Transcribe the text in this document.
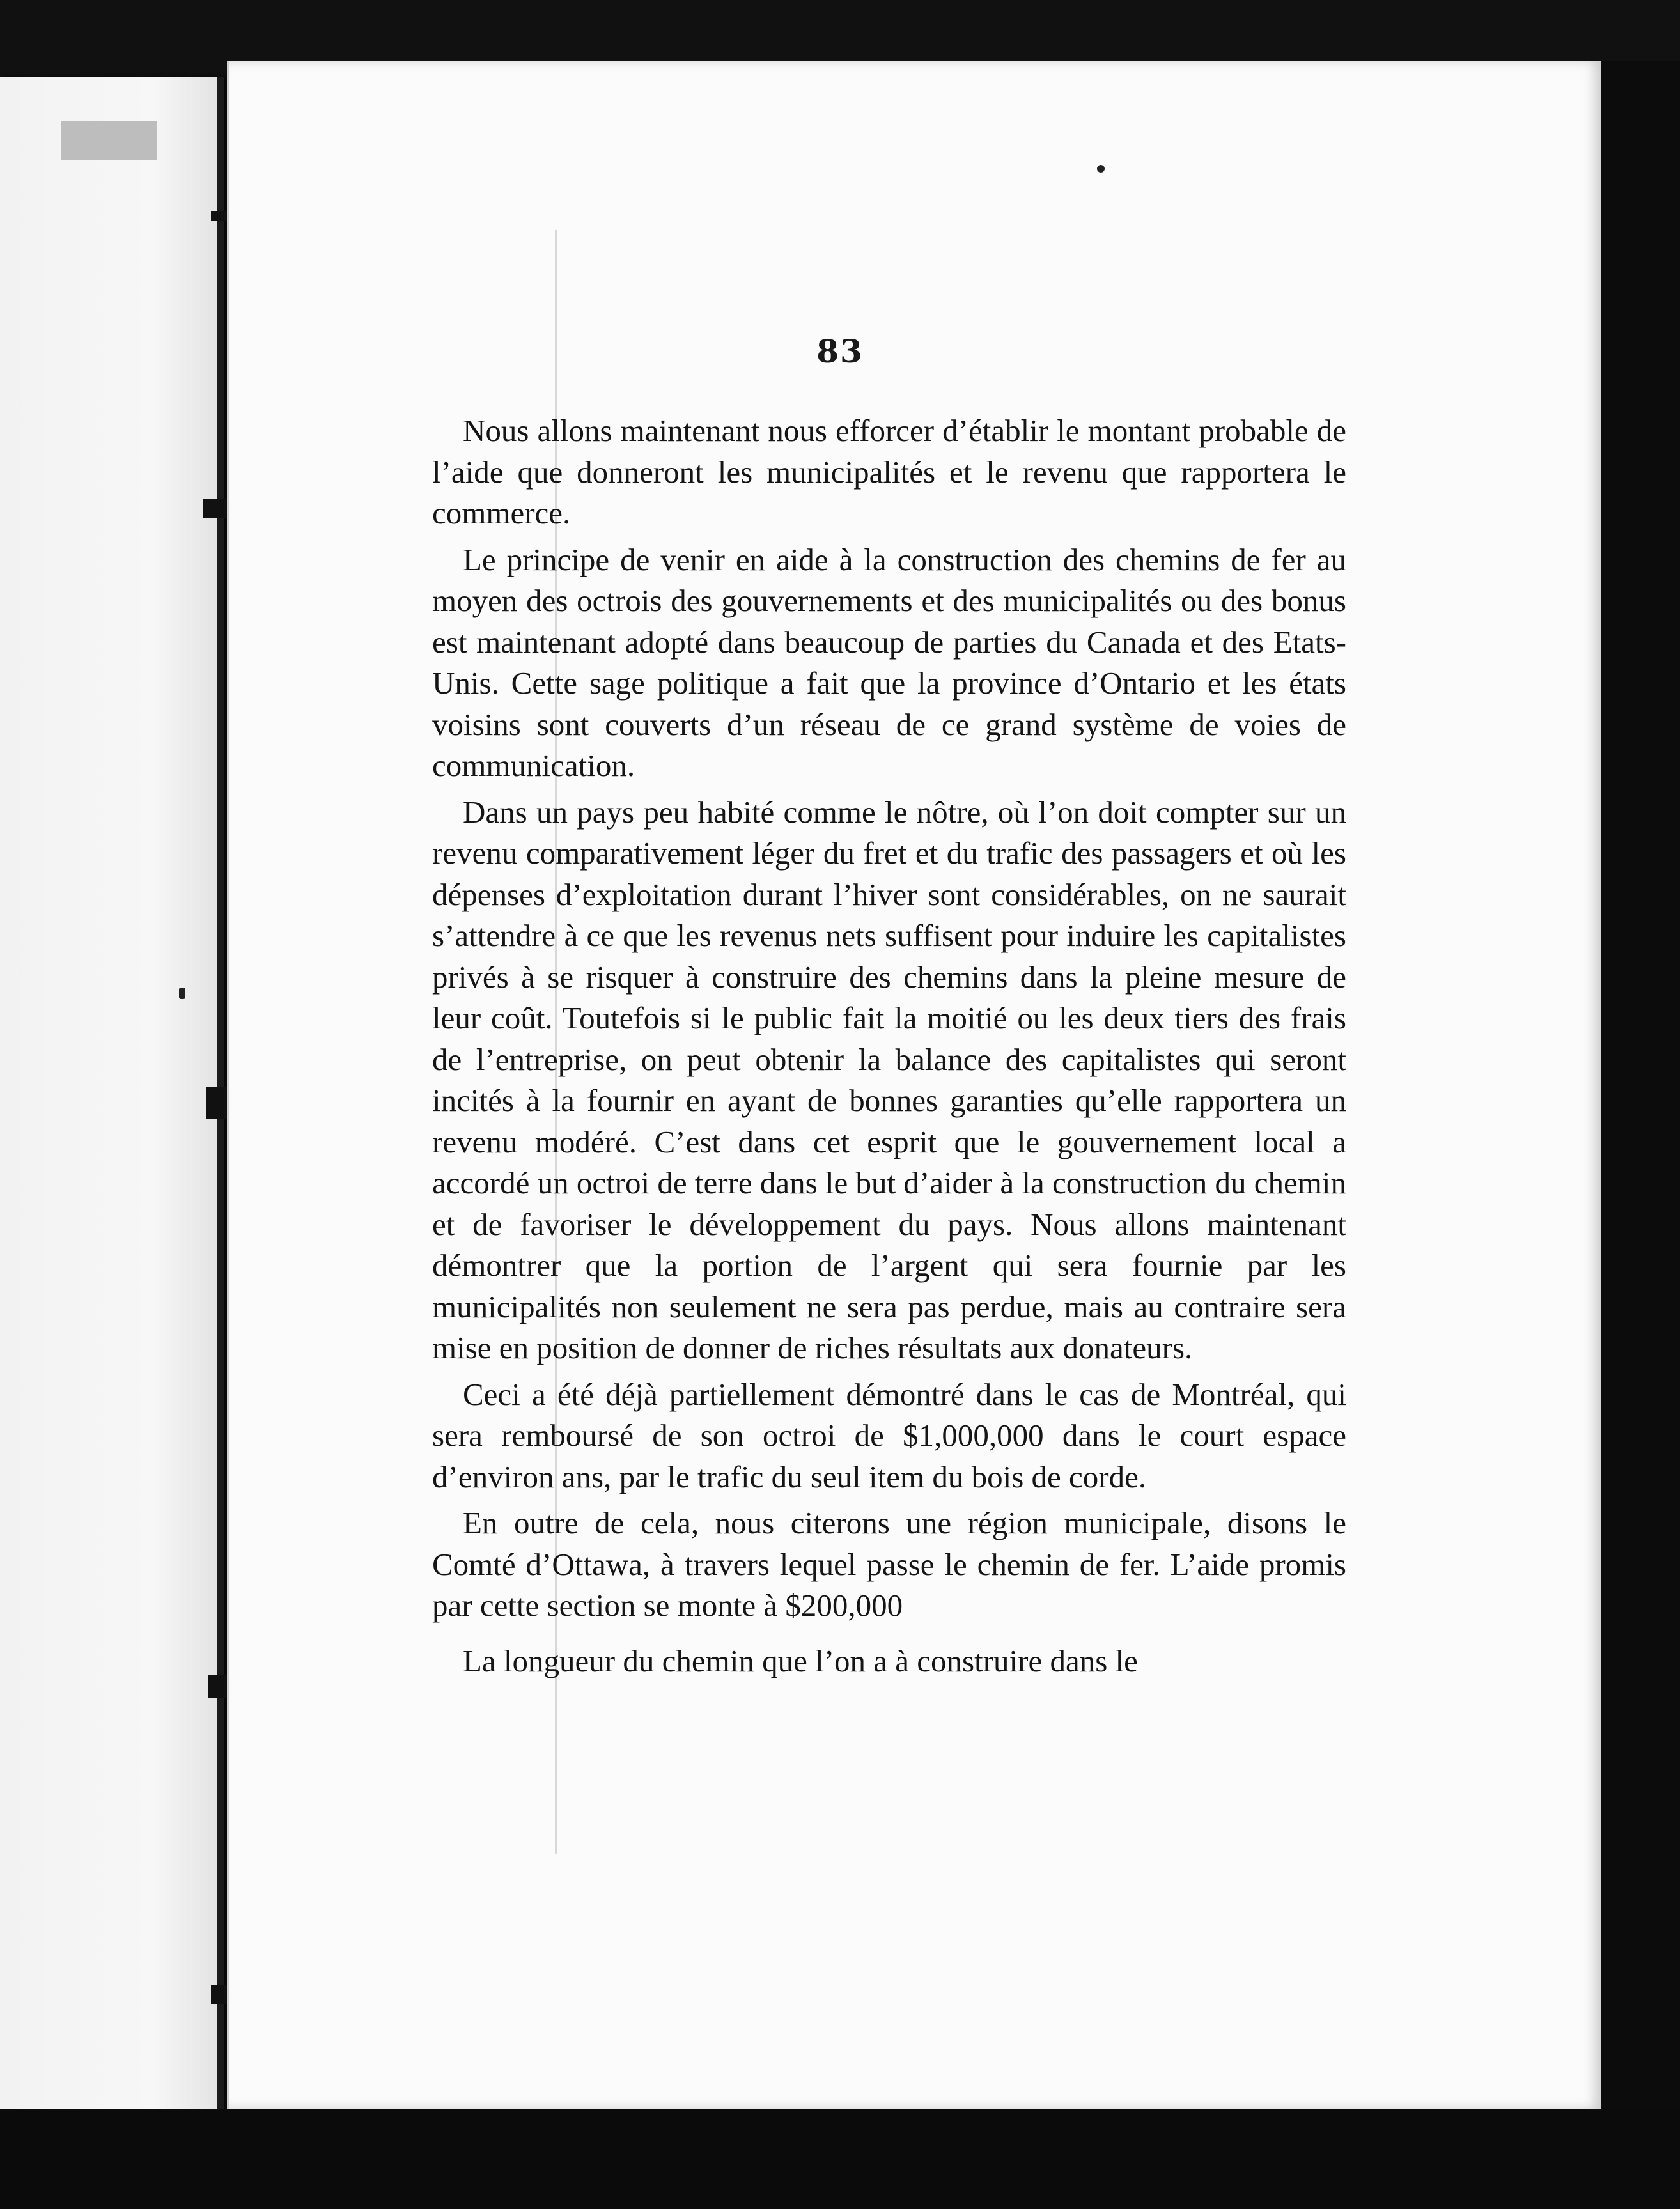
83

Nous allons maintenant nous efforcer d’établir le montant probable de l’aide que donneront les municipalités et le revenu que rapportera le commerce.

Le principe de venir en aide à la construction des chemins de fer au moyen des octrois des gouvernements et des municipalités ou des bonus est maintenant adopté dans beaucoup de parties du Canada et des Etats-Unis. Cette sage politique a fait que la province d’Ontario et les états voisins sont couverts d’un réseau de ce grand système de voies de communication.

Dans un pays peu habité comme le nôtre, où l’on doit compter sur un revenu comparativement léger du fret et du trafic des passagers et où les dépenses d’exploitation durant l’hiver sont considérables, on ne saurait s’attendre à ce que les revenus nets suffisent pour induire les capitalistes privés à se risquer à construire des chemins dans la pleine mesure de leur coût. Toutefois si le public fait la moitié ou les deux tiers des frais de l’entreprise, on peut obtenir la balance des capitalistes qui seront incités à la fournir en ayant de bonnes garanties qu’elle rapportera un revenu modéré. C’est dans cet esprit que le gouvernement local a accordé un octroi de terre dans le but d’aider à la construction du chemin et de favoriser le développement du pays. Nous allons maintenant démontrer que la portion de l’argent qui sera fournie par les municipalités non seulement ne sera pas perdue, mais au contraire sera mise en position de donner de riches résultats aux donateurs.

Ceci a été déjà partiellement démontré dans le cas de Montréal, qui sera remboursé de son octroi de $1,000,000 dans le court espace d’environ ans, par le trafic du seul item du bois de corde.

En outre de cela, nous citerons une région municipale, disons le Comté d’Ottawa, à travers lequel passe le chemin de fer. L’aide promis par cette section se monte à $200,000

La longueur du chemin que l’on a à construire dans le
